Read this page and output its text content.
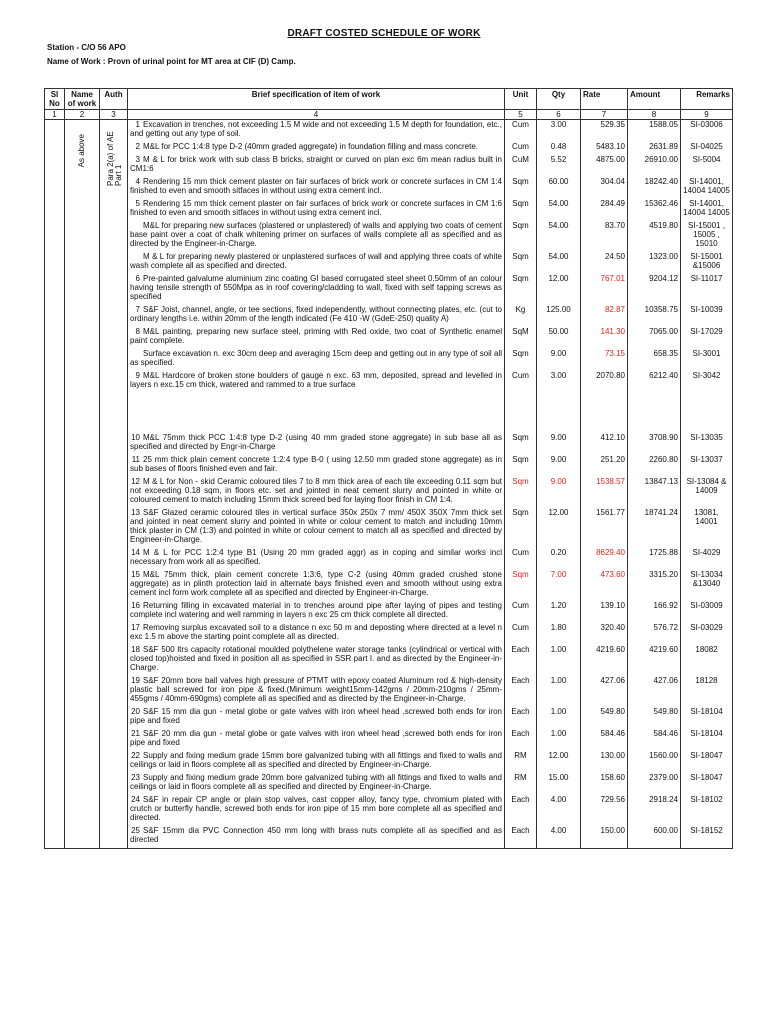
DRAFT COSTED SCHEDULE OF WORK
Station - C/O 56 APO
Name of Work : Provn of urinal point for MT area at CIF (D) Camp.
Sl No	Name of work	Auth	Brief specification of item of work	Unit	Qty	Rate	Amount	Remarks
1	2	3	4	5	6	7	8	9

	As above	Para 2(a) of AE Part 1	1 Excavation in trenches, not exceeding 1.5 M wide and not exceeding 1.5 M depth for foundation, etc., and getting out any type of soil.	Cum	3.00	529.35	1588.05	SI-03006
			2 M&L for PCC 1:4:8 type D-2 (40mm graded aggregate) in foundation filling and mass concrete.	Cum	0.48	5483.10	2631.89	SI-04025
			3 M & L for brick work with sub class B bricks, straight or curved on plan exc 6m mean radius built in CM1:6	CuM	5.52	4875.00	26910.00	SI-5004
			4 Rendering 15 mm thick cement plaster on fair surfaces of brick work or concrete surfaces in CM 1:4 finished to even and smooth sitfaces in without using extra cement incl.	Sqm	60.00	304.04	18242.40	SI-14001, 14004 14005
			5 Rendering 15 mm thick cement plaster on fair surfaces of brick work or concrete surfaces in CM 1:6 finished to even and smooth sitfaces in without using extra cement incl.	Sqm	54.00	284.49	15362.46	SI-14001, 14004 14005
			M&L for preparing new surfaces (plastered or unplastered) of walls and applying two coats of cement base paint over a coat of chalk whitening primer on surfaces of walls complete all as specified and as directed by the Engineer-in-Charge.	Sqm	54.00	83.70	4519.80	SI-15001 , 15005 , 15010
			M & L for preparing newly plastered or unplastered surfaces of wall and applying three coats of white wash complete all as specified and directed.	Sqm	54.00	24.50	1323.00	SI-15001 &15006
			6 Pre-painted galvalume aluminium zinc coating GI based corrugated steel sheet 0.50mm of an colour having tensile strength of 550Mpa as in roof covering/cladding to wall, fixed with self tapping screws as specified	Sqm	12.00	767.01	9204.12	SI-11017
			7 S&F Joist, channel, angle, or tee sections, fixed independently, without connecting plates, etc. (cut to ordinary lengths i.e. within 20mm of the length indicated (Fe 410 -W (GdeE-250) quality A)	Kg	125.00	82.87	10358.75	SI-10039
			8 M&L painting, preparing new surface steel, priming with Red oxide, two coat of Synthetic enamel paint complete.	SqM	50.00	141.30	7065.00	SI-17029
			Surface excavation n. exc 30cm deep and averaging 15cm deep and getting out in any type of soil all as specified.	Sqm	9.00	73.15	658.35	SI-3001
			9 M&L Hardcore of broken stone boulders of gauge n exc. 63 mm, deposited, spread and levelled in layers n exc.15 cm thick, watered and rammed to a true surface	Cum	3.00	2070.80	6212.40	SI-3042

			10 M&L 75mm thick PCC 1:4:8 type D-2 (using 40 mm graded stone aggregate) in sub base all as specified and directed by Engr-in-Charge	Sqm	9.00	412.10	3708.90	SI-13035
			11 25 mm thick plain cement concrete 1:2:4 type B-0 ( using 12.50 mm graded stone aggregate) as in sub bases of floors finished even and fair.	Sqm	9.00	251.20	2260.80	SI-13037
			12 M & L for Non - skid Ceramic coloured tiles 7 to 8 mm thick area of each tile exceeding 0.11 sqm but not exceeding 0.18 sqm, in floors etc. set and jointed in neat cement slurry and pointed in white or coloured cement to match including 15mm thick screed bed for laying floor finish in CM 1:4.	Sqm	9.00	1538.57	13847.13	SI-13084 & 14009
			13 S&F Glazed ceramic coloured tiles in vertical surface 350x 250x 7 mm/ 450X 350X 7mm thick set and jointed in neat cement slurry and pointed in white or colour cement to match and including 10mm thick plaster in CM (1:3) and pointed in white or colour cement to match all as specified and directed by Engineer-in-Charge.	Sqm	12.00	1561.77	18741.24	13081, 14001
			14 M & L for PCC 1:2:4 type B1 (Using 20 mm graded aggr) as in coping and similar works incl necessary from work all as specified.	Cum	0.20	8629.40	1725.88	SI-4029
			15 M&L 75mm thick, plain cement concrete 1:3:6, type C-2 (using 40mm graded crushed stone aggregate) as in plinth protection laid in alternate bays finished even and smooth without using extra cement incl form work complete all as specified and directed by Engineer-in-Charge.	Sqm	7.00	473.60	3315.20	SI-13034 &13040
			16 Returning filling in excavated material in to trenches around pipe after laying of pipes and testing complete incl watering and well ramming in layers n exc 25 cm thick complete all directed.	Cum	1.20	139.10	166.92	SI-03009
			17 Removing surplus excavated soil to a distance n exc 50 m and deposting where directed at a level n exc 1.5 m above the starting point complete all as directed.	Cum	1.80	320.40	576.72	SI-03029
			18 S&F 500 ltrs capacity rotational moulded polythelene water storage tanks (cylindrical or vertical with closed top)hoisted and fixed in position all as specified in SSR part I. and as directed by the Engineer-in-Charge.	Each	1.00	4219.60	4219.60	18082
			19 S&F 20mm bore ball valves high pressure of PTMT with epoxy coated Aluminum rod & high-density plastic ball screwed for iron pipe & fixed.(Minimum weight15mm-142gms / 20mm-210gms / 25mm-455gms / 40mm-690gms) complete all as specified and as directed by the Engineer-in-Charge.	Each	1.00	427.06	427.06	18128
			20 S&F 15 mm dia gun - metal globe or gate valves with iron wheel head ,screwed both ends for iron pipe and fixed	Each	1.00	549.80	549.80	SI-18104
			21 S&F 20 mm dia gun - metal globe or gate valves with iron wheel head ,screwed both ends for iron pipe and fixed	Each	1.00	584.46	584.46	SI-18104
			22 Supply and fixing medium grade 15mm bore galvanized tubing with all fittings and fixed to walls and ceilings or laid in floors complete all as specified and directed by Engineer-in-Charge.	RM	12.00	130.00	1560.00	SI-18047
			23 Supply and fixing medium grade 20mm bore galvanized tubing with all fittings and fixed to walls and ceilings or laid in floors complete all as specified and directed by Engineer-in-Charge.	RM	15.00	158.60	2379.00	SI-18047
			24 S&F in repair CP angle or plain stop valves, cast copper alloy, fancy type, chromium plated with crutch or butterfly handle, screwed both ends for iron pipe of 15 mm bore complete all as specified and directed.	Each	4.00	729.56	2918.24	SI-18102
			25 S&F 15mm dia PVC Connection 450 mm long with brass nuts complete all as specified and as directed	Each	4.00	150.00	600.00	SI-18152
